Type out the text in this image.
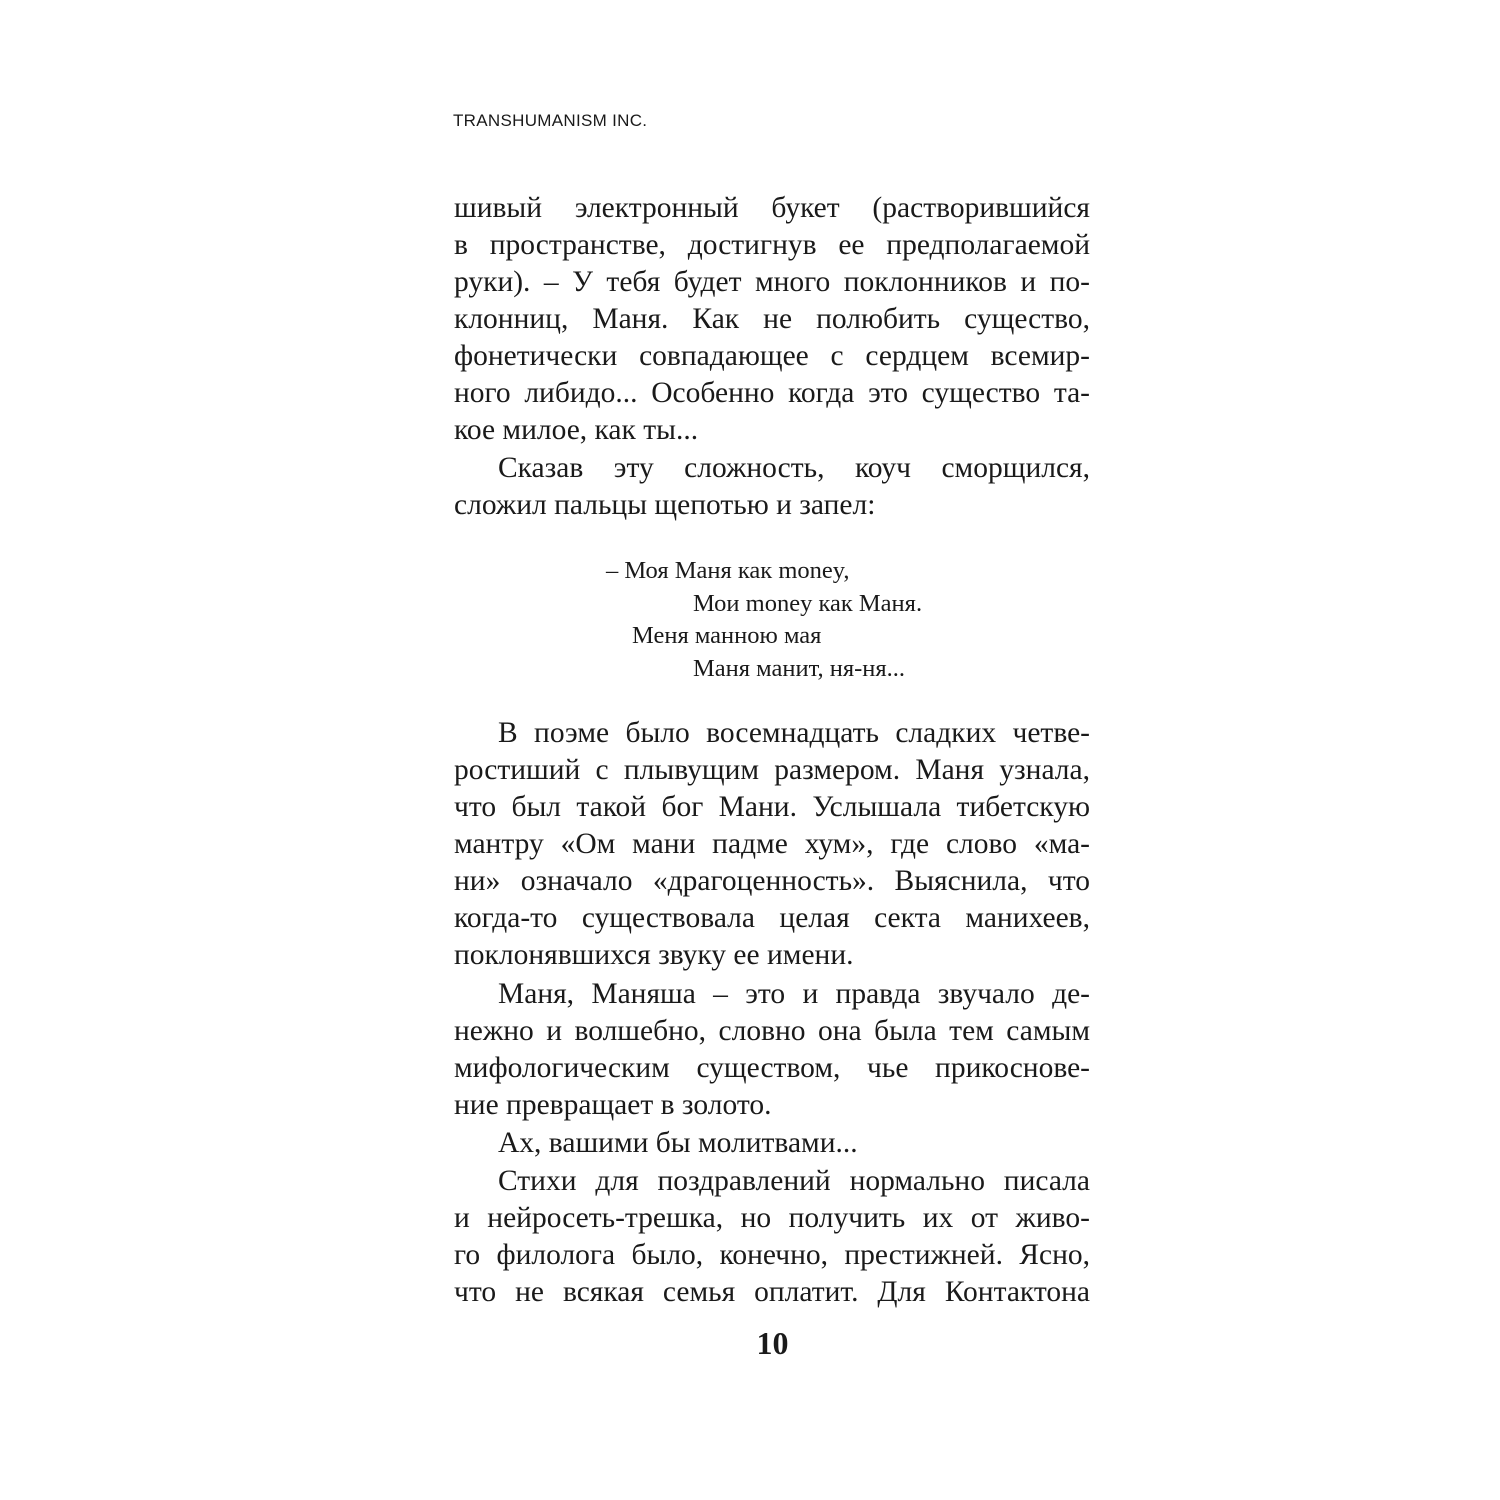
TRANSHUMANISM INC.
шивый электронный букет (растворившийся
в пространстве, достигнув ее предполагаемой
руки). – У тебя будет много поклонников и по-
клонниц, Маня. Как не полюбить существо,
фонетически совпадающее с сердцем всемир-
ного либидо... Особенно когда это существо та-
кое милое, как ты...
Сказав эту сложность, коуч сморщился,
сложил пальцы щепотью и запел:
– Моя Маня как money,
Мои money как Маня.
Меня манною мая
Маня манит, ня-ня...
В поэме было восемнадцать сладких четве-
ростиший с плывущим размером. Маня узнала,
что был такой бог Мани. Услышала тибетскую
мантру «Ом мани падме хум», где слово «ма-
ни» означало «драгоценность». Выяснила, что
когда-то существовала целая секта манихеев,
поклонявшихся звуку ее имени.
Маня, Маняша – это и правда звучало де-
нежно и волшебно, словно она была тем самым
мифологическим существом, чье прикоснове-
ние превращает в золото.
Ах, вашими бы молитвами...
Стихи для поздравлений нормально писала
и нейросеть-трешка, но получить их от живо-
го филолога было, конечно, престижней. Ясно,
что не всякая семья оплатит. Для Контактона
10
